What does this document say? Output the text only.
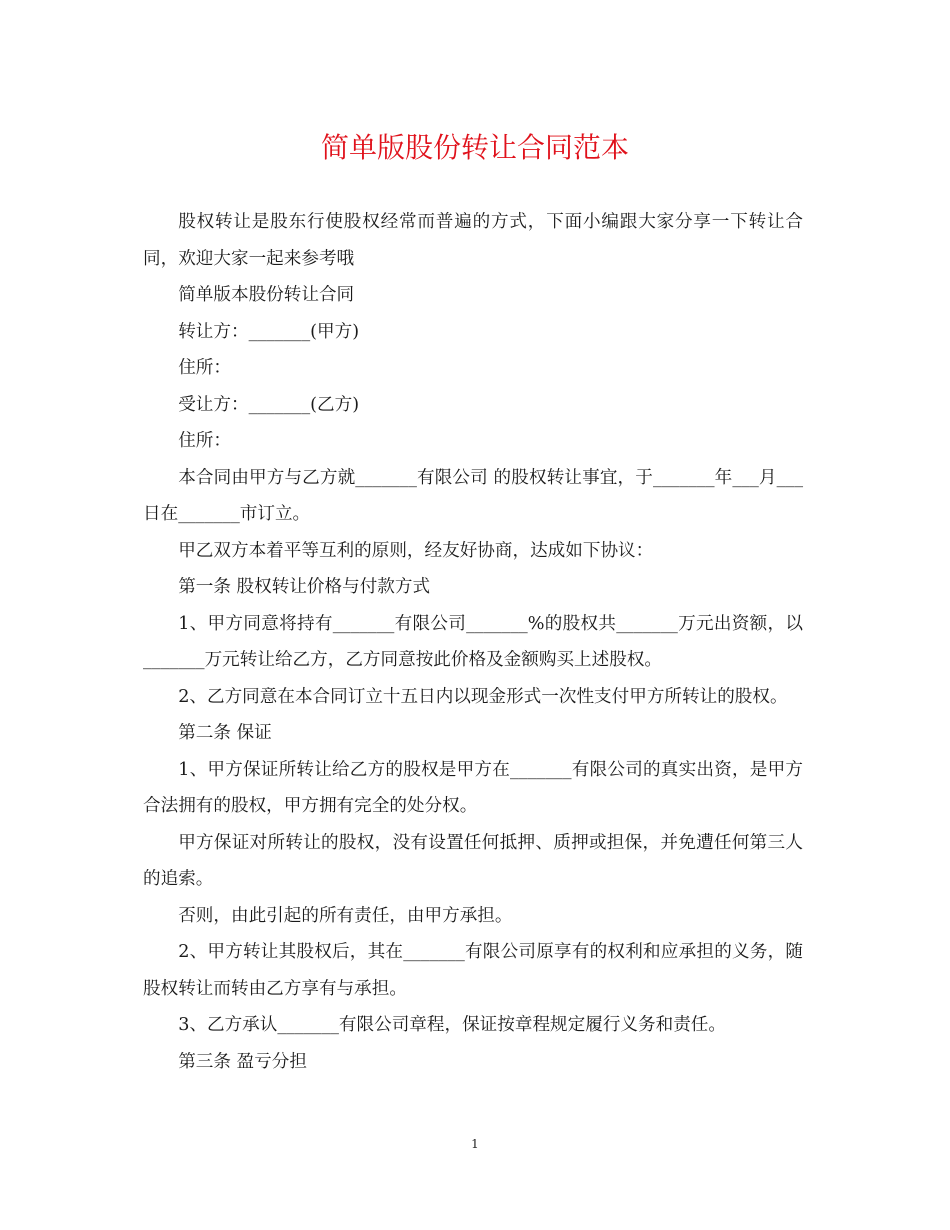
简单版股份转让合同范本

股权转让是股东行使股权经常而普遍的方式，下面小编跟大家分享一下转让合同，欢迎大家一起来参考哦

简单版本股份转让合同

转让方：_______(甲方)

住所：

受让方：_______(乙方)

住所：

本合同由甲方与乙方就_______有限公司 的股权转让事宜，于_______年___月___日在_______市订立。

甲乙双方本着平等互利的原则，经友好协商，达成如下协议：

第一条 股权转让价格与付款方式

1、甲方同意将持有_______有限公司_______%的股权共_______万元出资额，以_______万元转让给乙方，乙方同意按此价格及金额购买上述股权。

2、乙方同意在本合同订立十五日内以现金形式一次性支付甲方所转让的股权。

第二条 保证

1、甲方保证所转让给乙方的股权是甲方在_______有限公司的真实出资，是甲方合法拥有的股权，甲方拥有完全的处分权。

甲方保证对所转让的股权，没有设置任何抵押、质押或担保，并免遭任何第三人的追索。

否则，由此引起的所有责任，由甲方承担。

2、甲方转让其股权后，其在_______有限公司原享有的权利和应承担的义务，随股权转让而转由乙方享有与承担。

3、乙方承认_______有限公司章程，保证按章程规定履行义务和责任。

第三条 盈亏分担

1
